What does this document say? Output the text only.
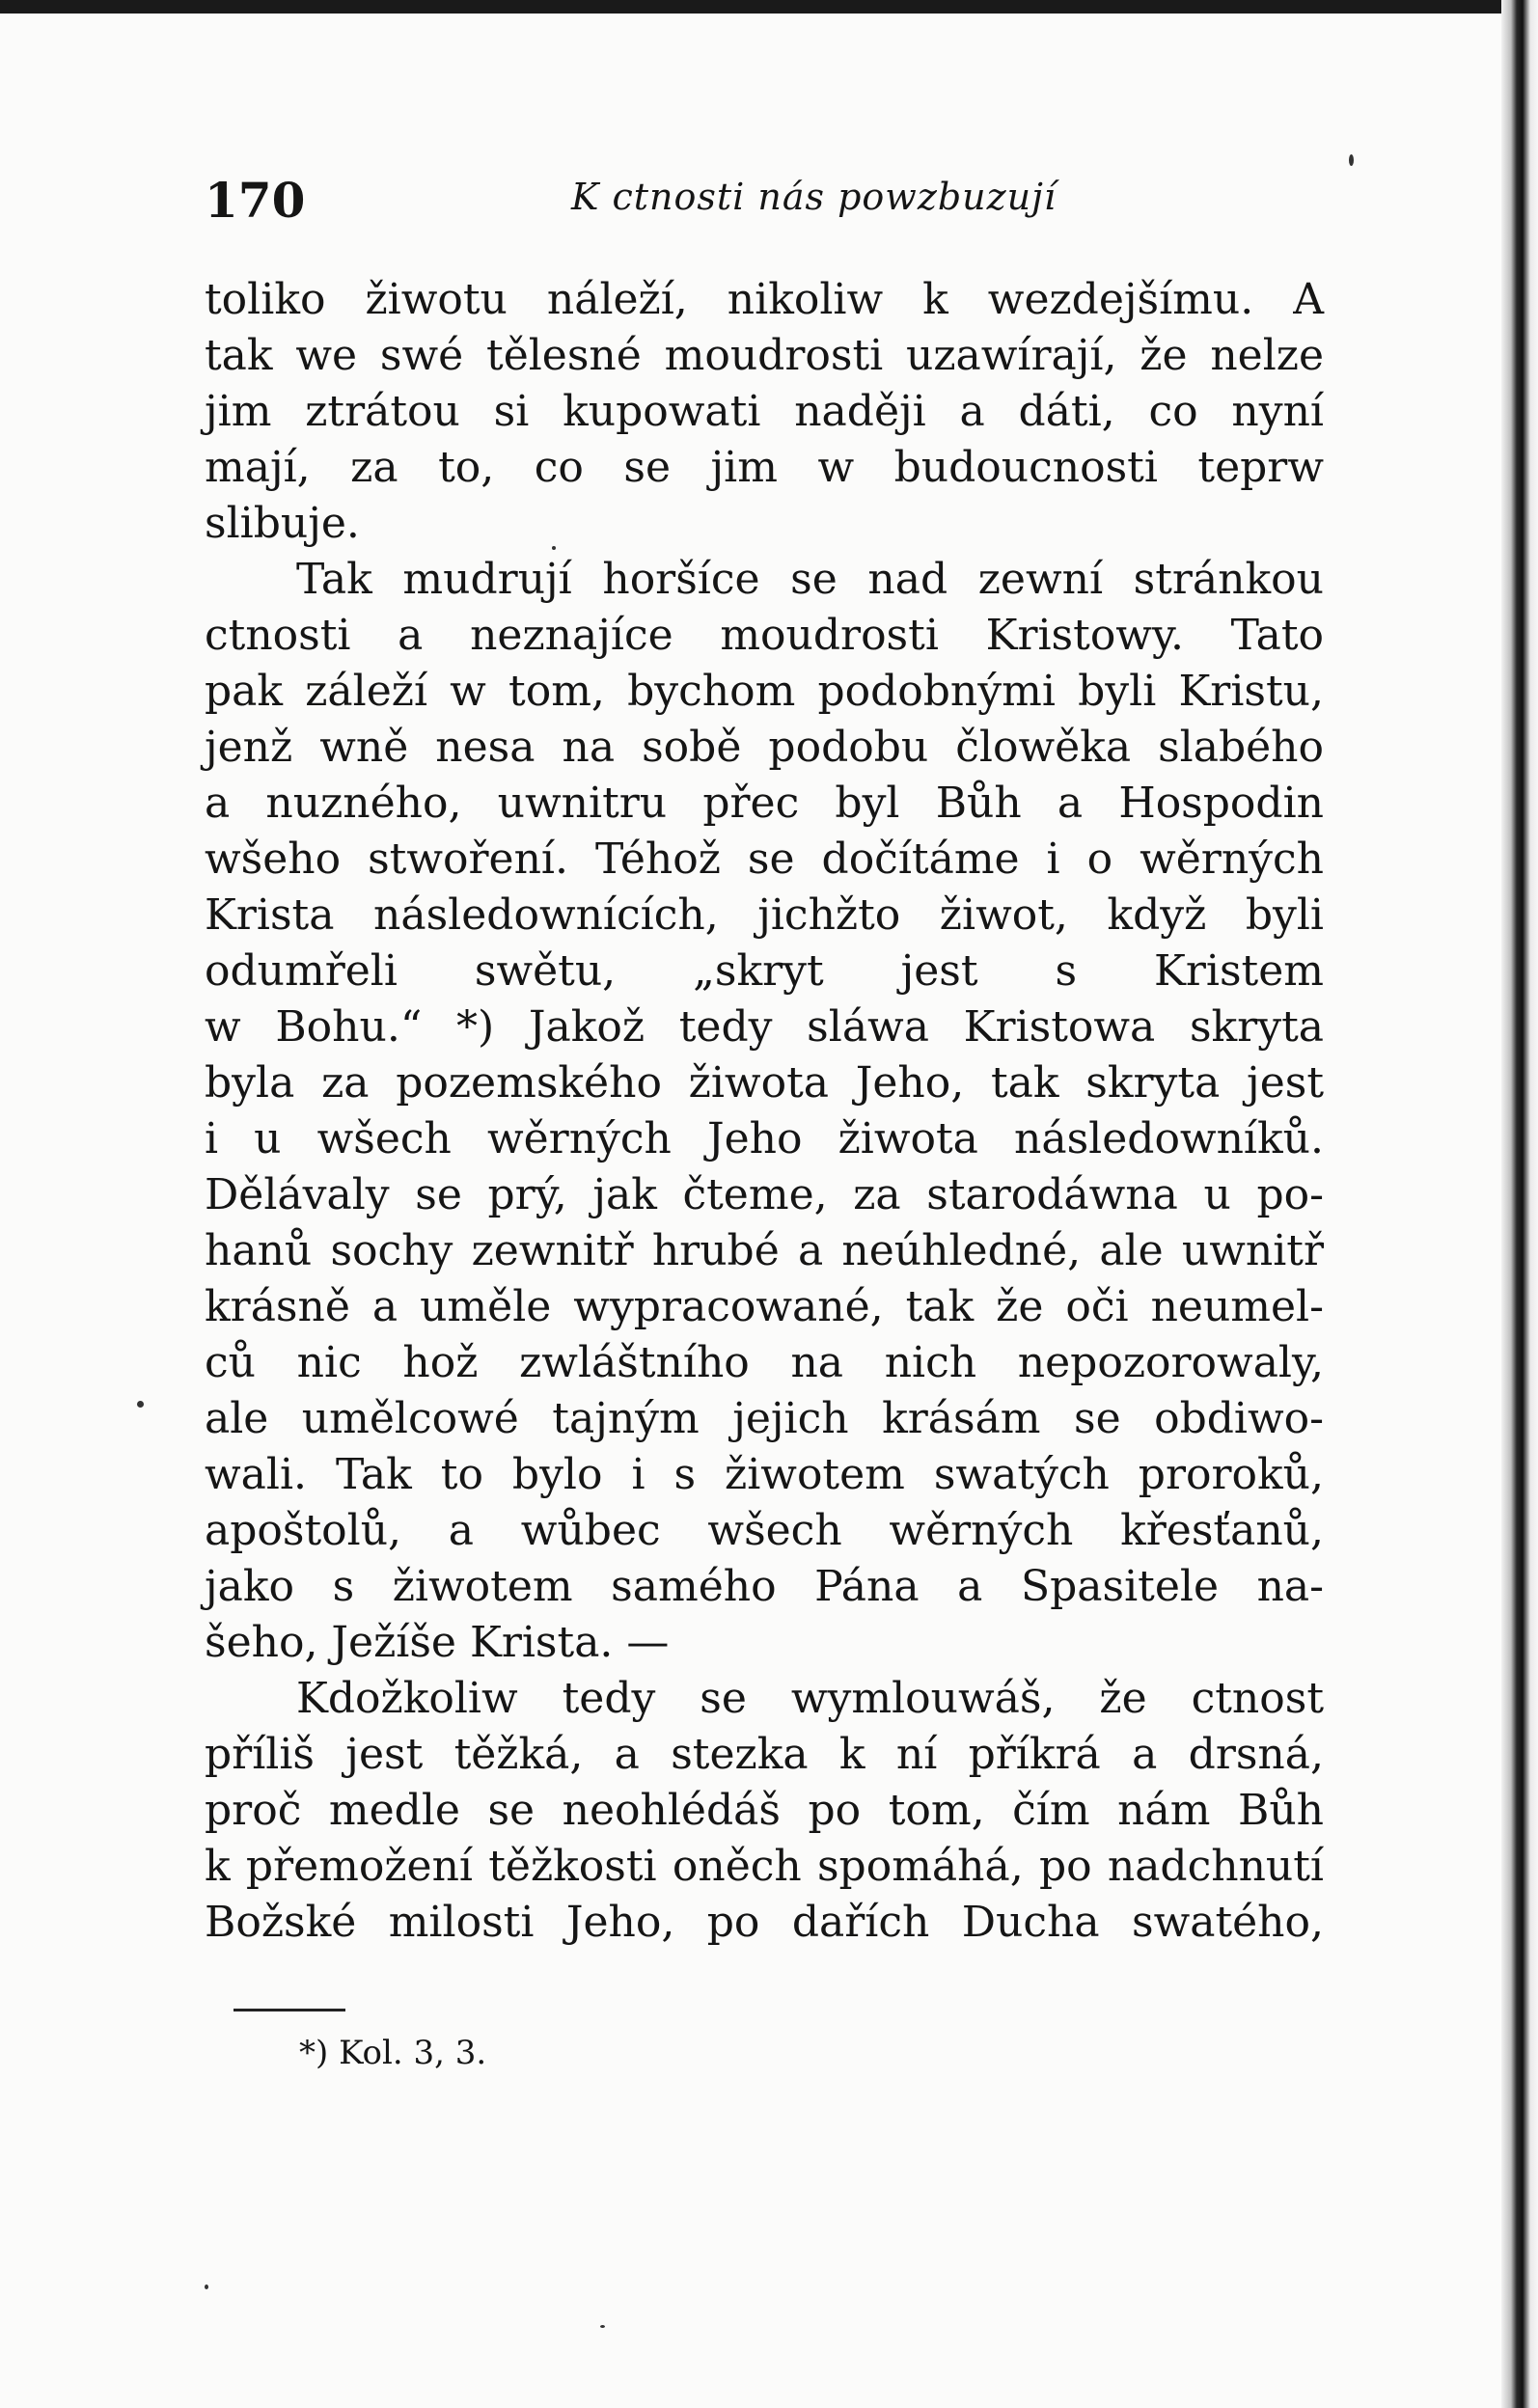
170	K ctnosti nás powzbuzují
toliko žiwotu náleží, nikoliw k wezdejšímu. A
tak we swé tělesné moudrosti uzawírají, že nelze
jim ztrátou si kupowati naději a dáti, co nyní
mají, za to, co se jim w budoucnosti teprw
slibuje.
Tak mudrují horšíce se nad zewní stránkou
ctnosti a neznajíce moudrosti Kristowy. Tato
pak záleží w tom, bychom podobnými byli Kristu,
jenž wně nesa na sobě podobu člowěka slabého
a nuzného, uwnitru přec byl Bůh a Hospodin
wšeho stwoření. Téhož se dočítáme i o wěrných
Krista následownících, jichžto žiwot, když byli
odumřeli swětu, „skryt jest s Kristem
w Bohu.“ *) Jakož tedy sláwa Kristowa skryta
byla za pozemského žiwota Jeho, tak skryta jest
i u wšech wěrných Jeho žiwota následowníků.
Dělávaly se prý, jak čteme, za starodáwna u po-
hanů sochy zewnitř hrubé a neúhledné, ale uwnitř
krásně a uměle wypracowané, tak že oči neumel-
ců nic hož zwláštního na nich nepozorowaly,
ale umělcowé tajným jejich krásám se obdiwo-
wali. Tak to bylo i s žiwotem swatých proroků,
apoštolů, a wůbec wšech wěrných křesťanů,
jako s žiwotem samého Pána a Spasitele na-
šeho, Ježíše Krista. —
Kdožkoliw tedy se wymlouwáš, že ctnost
příliš jest těžká, a stezka k ní příkrá a drsná,
proč medle se neohlédáš po tom, čím nám Bůh
k přemožení těžkosti oněch spomáhá, po nadchnutí
Božské milosti Jeho, po dařích Ducha swatého,
*) Kol. 3, 3.
